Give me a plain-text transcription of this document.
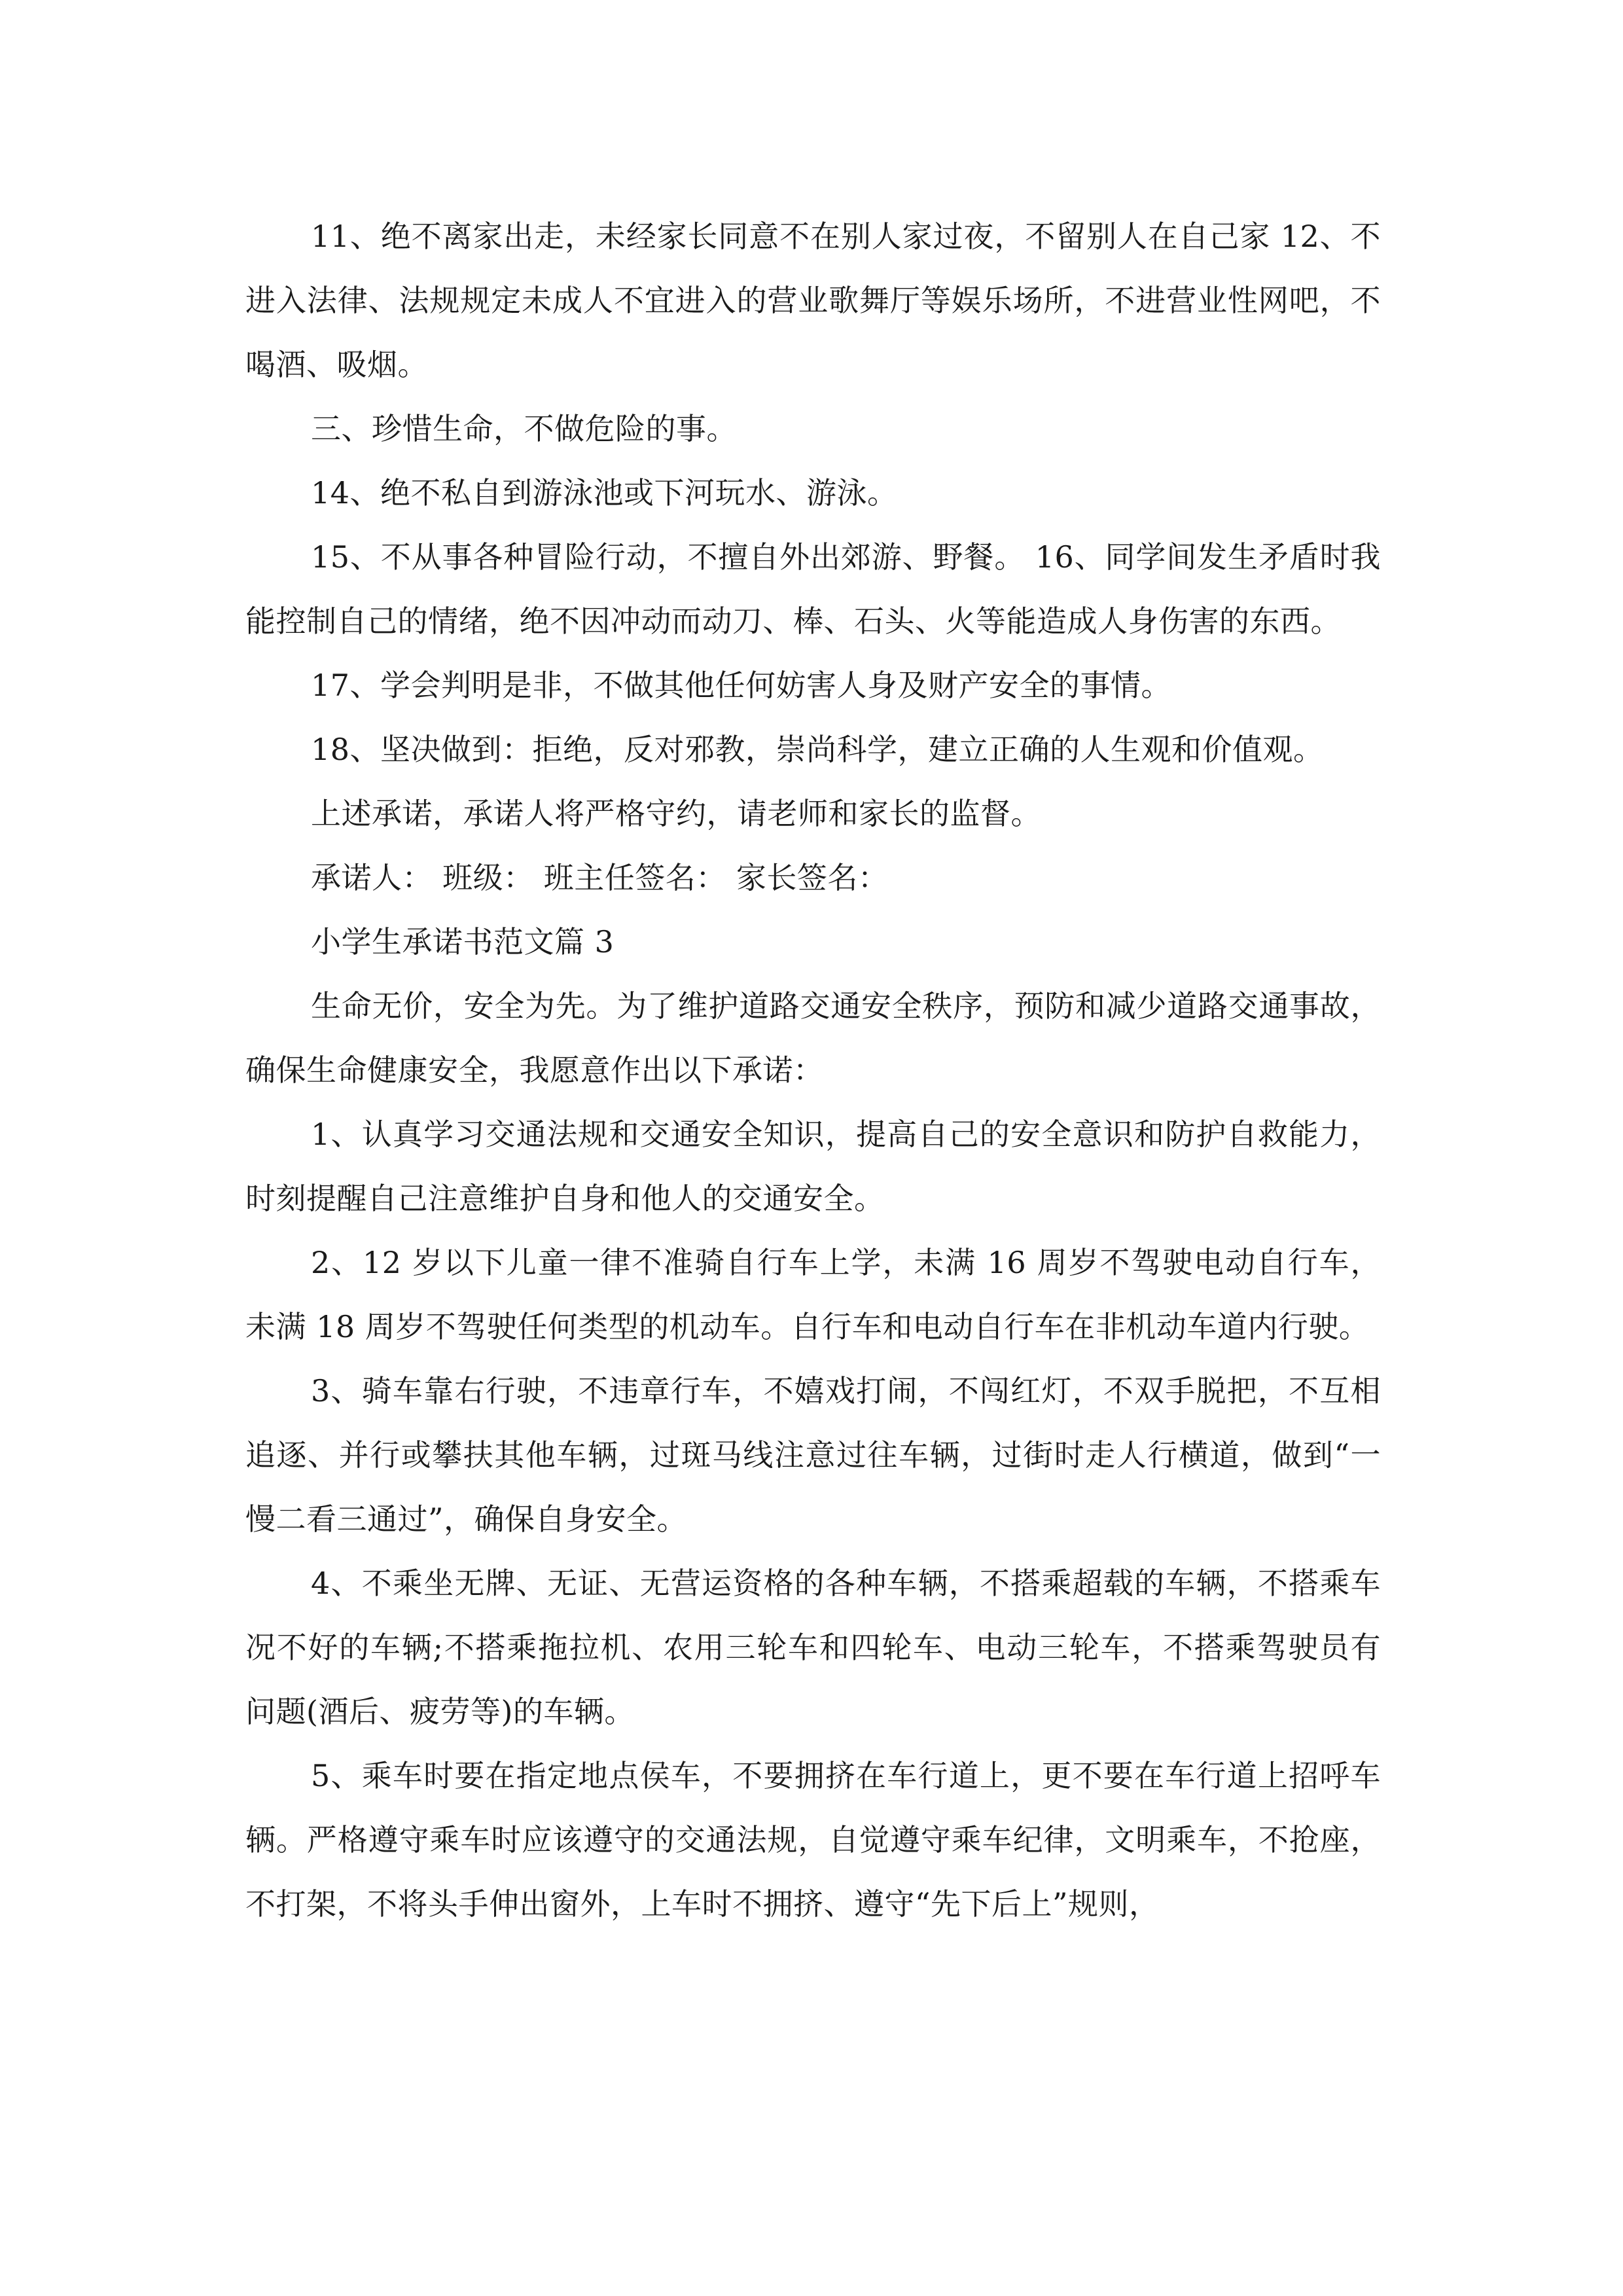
11、绝不离家出走，未经家长同意不在别人家过夜，不留别人在自己家 12、不进入法律、法规规定未成人不宜进入的营业歌舞厅等娱乐场所，不进营业性网吧，不喝酒、吸烟。

三、珍惜生命，不做危险的事。

14、绝不私自到游泳池或下河玩水、游泳。

15、不从事各种冒险行动，不擅自外出郊游、野餐。 16、同学间发生矛盾时我能控制自己的情绪，绝不因冲动而动刀、棒、石头、火等能造成人身伤害的东西。

17、学会判明是非，不做其他任何妨害人身及财产安全的事情。

18、坚决做到：拒绝，反对邪教，崇尚科学，建立正确的人生观和价值观。

上述承诺，承诺人将严格守约，请老师和家长的监督。

承诺人： 班级： 班主任签名： 家长签名：

小学生承诺书范文篇 3

生命无价，安全为先。为了维护道路交通安全秩序，预防和减少道路交通事故，确保生命健康安全，我愿意作出以下承诺：

1、认真学习交通法规和交通安全知识，提高自己的安全意识和防护自救能力，时刻提醒自己注意维护自身和他人的交通安全。

2、12 岁以下儿童一律不准骑自行车上学，未满 16 周岁不驾驶电动自行车，未满 18 周岁不驾驶任何类型的机动车。自行车和电动自行车在非机动车道内行驶。

3、骑车靠右行驶，不违章行车，不嬉戏打闹，不闯红灯，不双手脱把，不互相追逐、并行或攀扶其他车辆，过斑马线注意过往车辆，过街时走人行横道，做到“一慢二看三通过”，确保自身安全。

4、不乘坐无牌、无证、无营运资格的各种车辆，不搭乘超载的车辆，不搭乘车况不好的车辆;不搭乘拖拉机、农用三轮车和四轮车、电动三轮车，不搭乘驾驶员有问题(酒后、疲劳等)的车辆。

5、乘车时要在指定地点侯车，不要拥挤在车行道上，更不要在车行道上招呼车辆。严格遵守乘车时应该遵守的交通法规，自觉遵守乘车纪律，文明乘车，不抢座，不打架，不将头手伸出窗外，上车时不拥挤、遵守“先下后上”规则，
